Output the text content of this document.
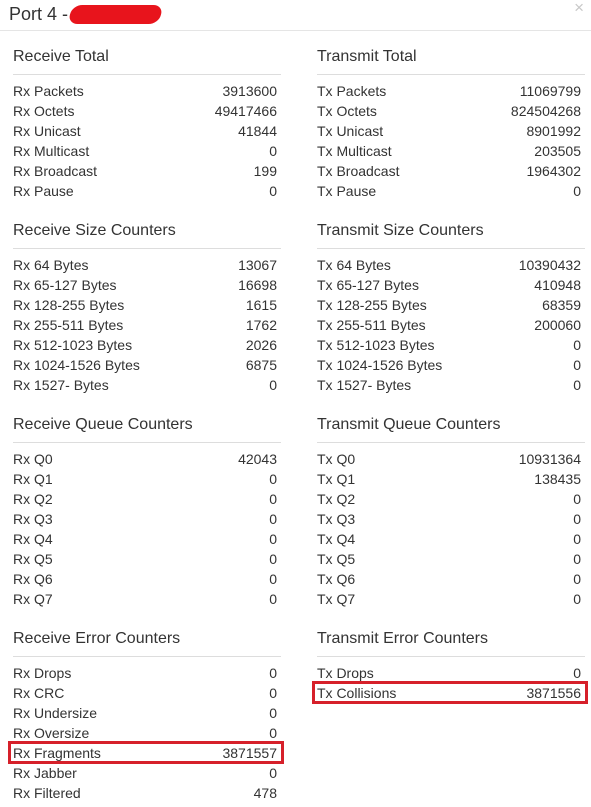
Port 4 -	×
Receive Total
Rx Packets	3913600
Rx Octets	49417466
Rx Unicast	41844
Rx Multicast	0
Rx Broadcast	199
Rx Pause	0
Receive Size Counters
Rx 64 Bytes	13067
Rx 65-127 Bytes	16698
Rx 128-255 Bytes	1615
Rx 255-511 Bytes	1762
Rx 512-1023 Bytes	2026
Rx 1024-1526 Bytes	6875
Rx 1527- Bytes	0
Receive Queue Counters
Rx Q0	42043
Rx Q1	0
Rx Q2	0
Rx Q3	0
Rx Q4	0
Rx Q5	0
Rx Q6	0
Rx Q7	0
Receive Error Counters
Rx Drops	0
Rx CRC	0
Rx Undersize	0
Rx Oversize	0
Rx Fragments	3871557
Rx Jabber	0
Rx Filtered	478
Transmit Total
Tx Packets	11069799
Tx Octets	824504268
Tx Unicast	8901992
Tx Multicast	203505
Tx Broadcast	1964302
Tx Pause	0
Transmit Size Counters
Tx 64 Bytes	10390432
Tx 65-127 Bytes	410948
Tx 128-255 Bytes	68359
Tx 255-511 Bytes	200060
Tx 512-1023 Bytes	0
Tx 1024-1526 Bytes	0
Tx 1527- Bytes	0
Transmit Queue Counters
Tx Q0	10931364
Tx Q1	138435
Tx Q2	0
Tx Q3	0
Tx Q4	0
Tx Q5	0
Tx Q6	0
Tx Q7	0
Transmit Error Counters
Tx Drops	0
Tx Collisions	3871556
